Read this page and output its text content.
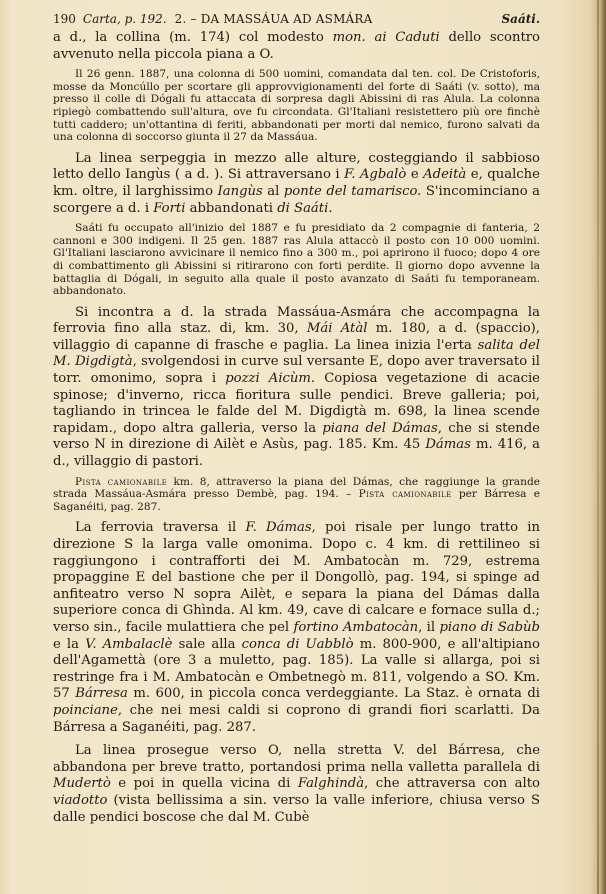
190 Carta, p. 192. 2. – DA MASSÁUA AD ASMÁRA	Saáti.

a d., la collina (m. 174) col modesto mon. ai Caduti dello scontro avvenuto nella piccola piana a O.

Il 26 genn. 1887, una colonna di 500 uomini, comandata dal ten. col. De Cristoforis, mosse da Moncúllo per scortare gli approvvigionamenti del forte di Saáti (v. sotto), ma presso il colle di Dógali fu attaccata di sorpresa dagli Abissini di ras Alula. La colonna ripiegò combattendo sull'altura, ove fu circondata. Gl'Italiani resistettero più ore finchè tutti caddero; un'ottantina di feriti, abbandonati per morti dal nemico, furono salvati da una colonna di soccorso giunta il 27 da Massáua.

La linea serpeggia in mezzo alle alture, costeggiando il sabbioso letto dello Iangùs ( a d. ). Si attraversano i F. Agbalò e Adeità e, qualche km. oltre, il larghissimo Iangùs al ponte del tamarisco. S'incominciano a scorgere a d. i Forti abbandonati di Saáti.

Saáti fu occupato all'inizio del 1887 e fu presidiato da 2 compagnie di fanteria, 2 cannoni e 300 indigeni. Il 25 gen. 1887 ras Alula attaccò il posto con 10 000 uomini. Gl'Italiani lasciarono avvicinare il nemico fino a 300 m., poi aprirono il fuoco; dopo 4 ore di combattimento gli Abissini si ritirarono con forti perdite. Il giorno dopo avvenne la battaglia di Dógali, in seguito alla quale il posto avanzato di Saáti fu temporaneam. abbandonato.

Si incontra a d. la strada Massáua-Asmára che accompagna la ferrovia fino alla staz. di, km. 30, Mái Atàl m. 180, a d. (spaccio), villaggio di capanne di frasche e paglia. La linea inizia l'erta salita del M. Digdigtà, svolgendosi in curve sul versante E, dopo aver traversato il torr. omonimo, sopra i pozzi Aicùm. Copiosa vegetazione di acacie spinose; d'inverno, ricca fioritura sulle pendici. Breve galleria; poi, tagliando in trincea le falde del M. Digdigtà m. 698, la linea scende rapidam., dopo altra galleria, verso la piana del Dámas, che si stende verso N in direzione di Ailèt e Asùs, pag. 185. Km. 45 Dámas m. 416, a d., villaggio di pastori.

Pista camionabile km. 8, attraverso la piana del Dámas, che raggiunge la grande strada Massáua-Asmára presso Dembè, pag. 194. – Pista camionabile per Bárresa e Saganéiti, pag. 287.

La ferrovia traversa il F. Dámas, poi risale per lungo tratto in direzione S la larga valle omonima. Dopo c. 4 km. di rettilineo si raggiungono i contrafforti dei M. Ambatocàn m. 729, estrema propaggine E del bastione che per il Dongollò, pag. 194, si spinge ad anfiteatro verso N sopra Ailèt, e separa la piana del Dámas dalla superiore conca di Ghìnda. Al km. 49, cave di calcare e fornace sulla d.; verso sin., facile mulattiera che pel fortino Ambatocàn, il piano di Sabùb e la V. Ambalaclè sale alla conca di Uabblò m. 800-900, e all'altipiano dell'Agamettà (ore 3 a muletto, pag. 185). La valle si allarga, poi si restringe fra i M. Ambatocàn e Ombetnegò m. 811, volgendo a SO. Km. 57 Bárresa m. 600, in piccola conca verdeggiante. La Staz. è ornata di poinciane, che nei mesi caldi si coprono di grandi fiori scarlatti. Da Bárresa a Saganéiti, pag. 287.

La linea prosegue verso O, nella stretta V. del Bárresa, che abbandona per breve tratto, portandosi prima nella valletta parallela di Mudertò e poi in quella vicina di Falghindà, che attraversa con alto viadotto (vista bellissima a sin. verso la valle inferiore, chiusa verso S dalle pendici boscose che dal M. Cubè
